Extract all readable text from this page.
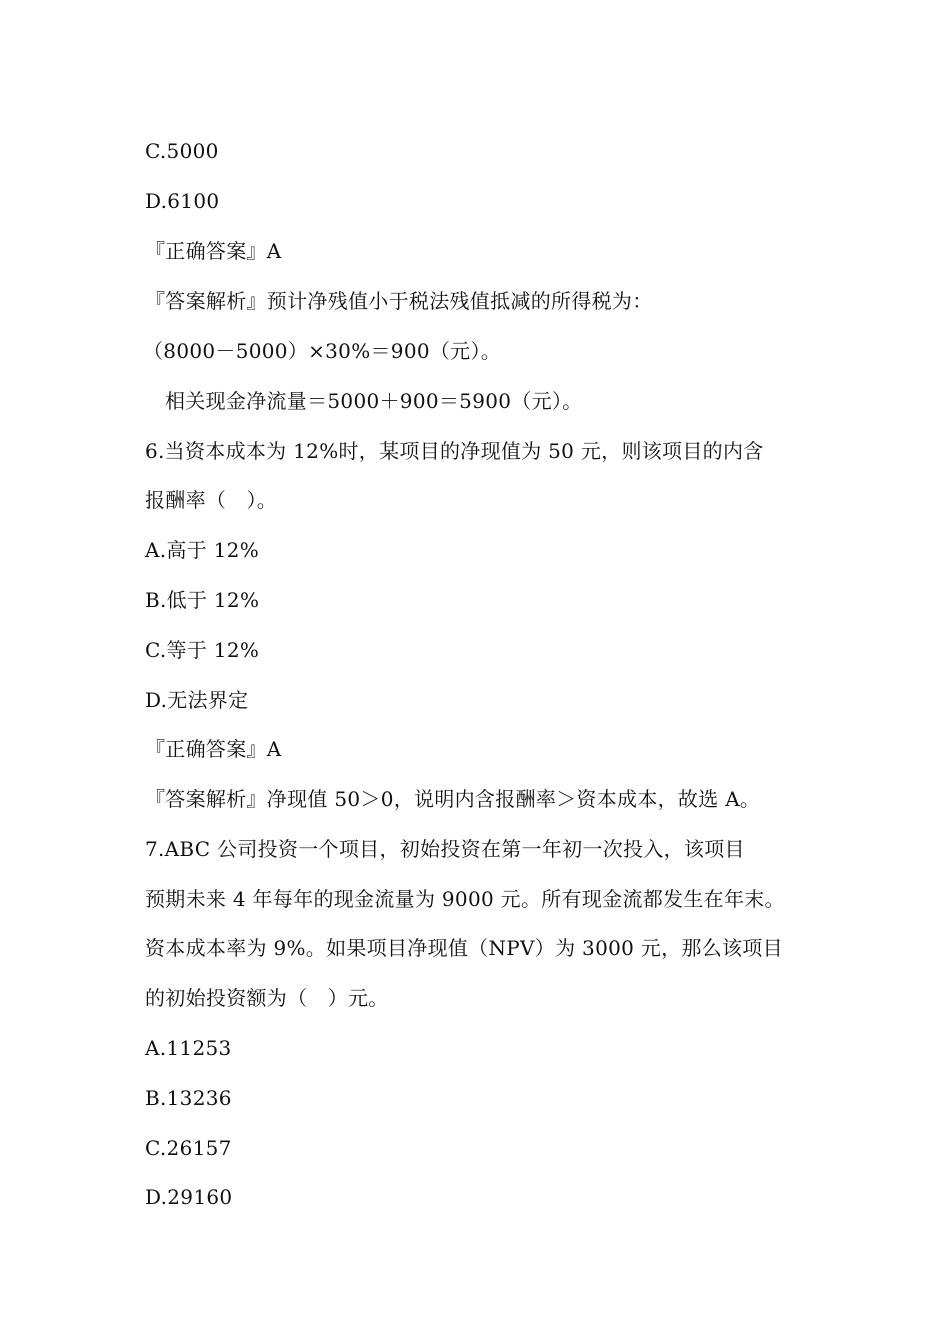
C.5000
D.6100
『正确答案』A
『答案解析』预计净残值小于税法残值抵减的所得税为：
（8000－5000）×30%＝900（元）。
相关现金净流量＝5000＋900＝5900（元）。
6.当资本成本为 12%时，某项目的净现值为 50 元，则该项目的内含
报酬率（　）。
A.高于 12%
B.低于 12%
C.等于 12%
D.无法界定
『正确答案』A
『答案解析』净现值 50＞0，说明内含报酬率＞资本成本，故选 A。
7.ABC 公司投资一个项目，初始投资在第一年初一次投入，该项目
预期未来 4 年每年的现金流量为 9000 元。所有现金流都发生在年末。
资本成本率为 9%。如果项目净现值（NPV）为 3000 元，那么该项目
的初始投资额为（　）元。
A.11253
B.13236
C.26157
D.29160
